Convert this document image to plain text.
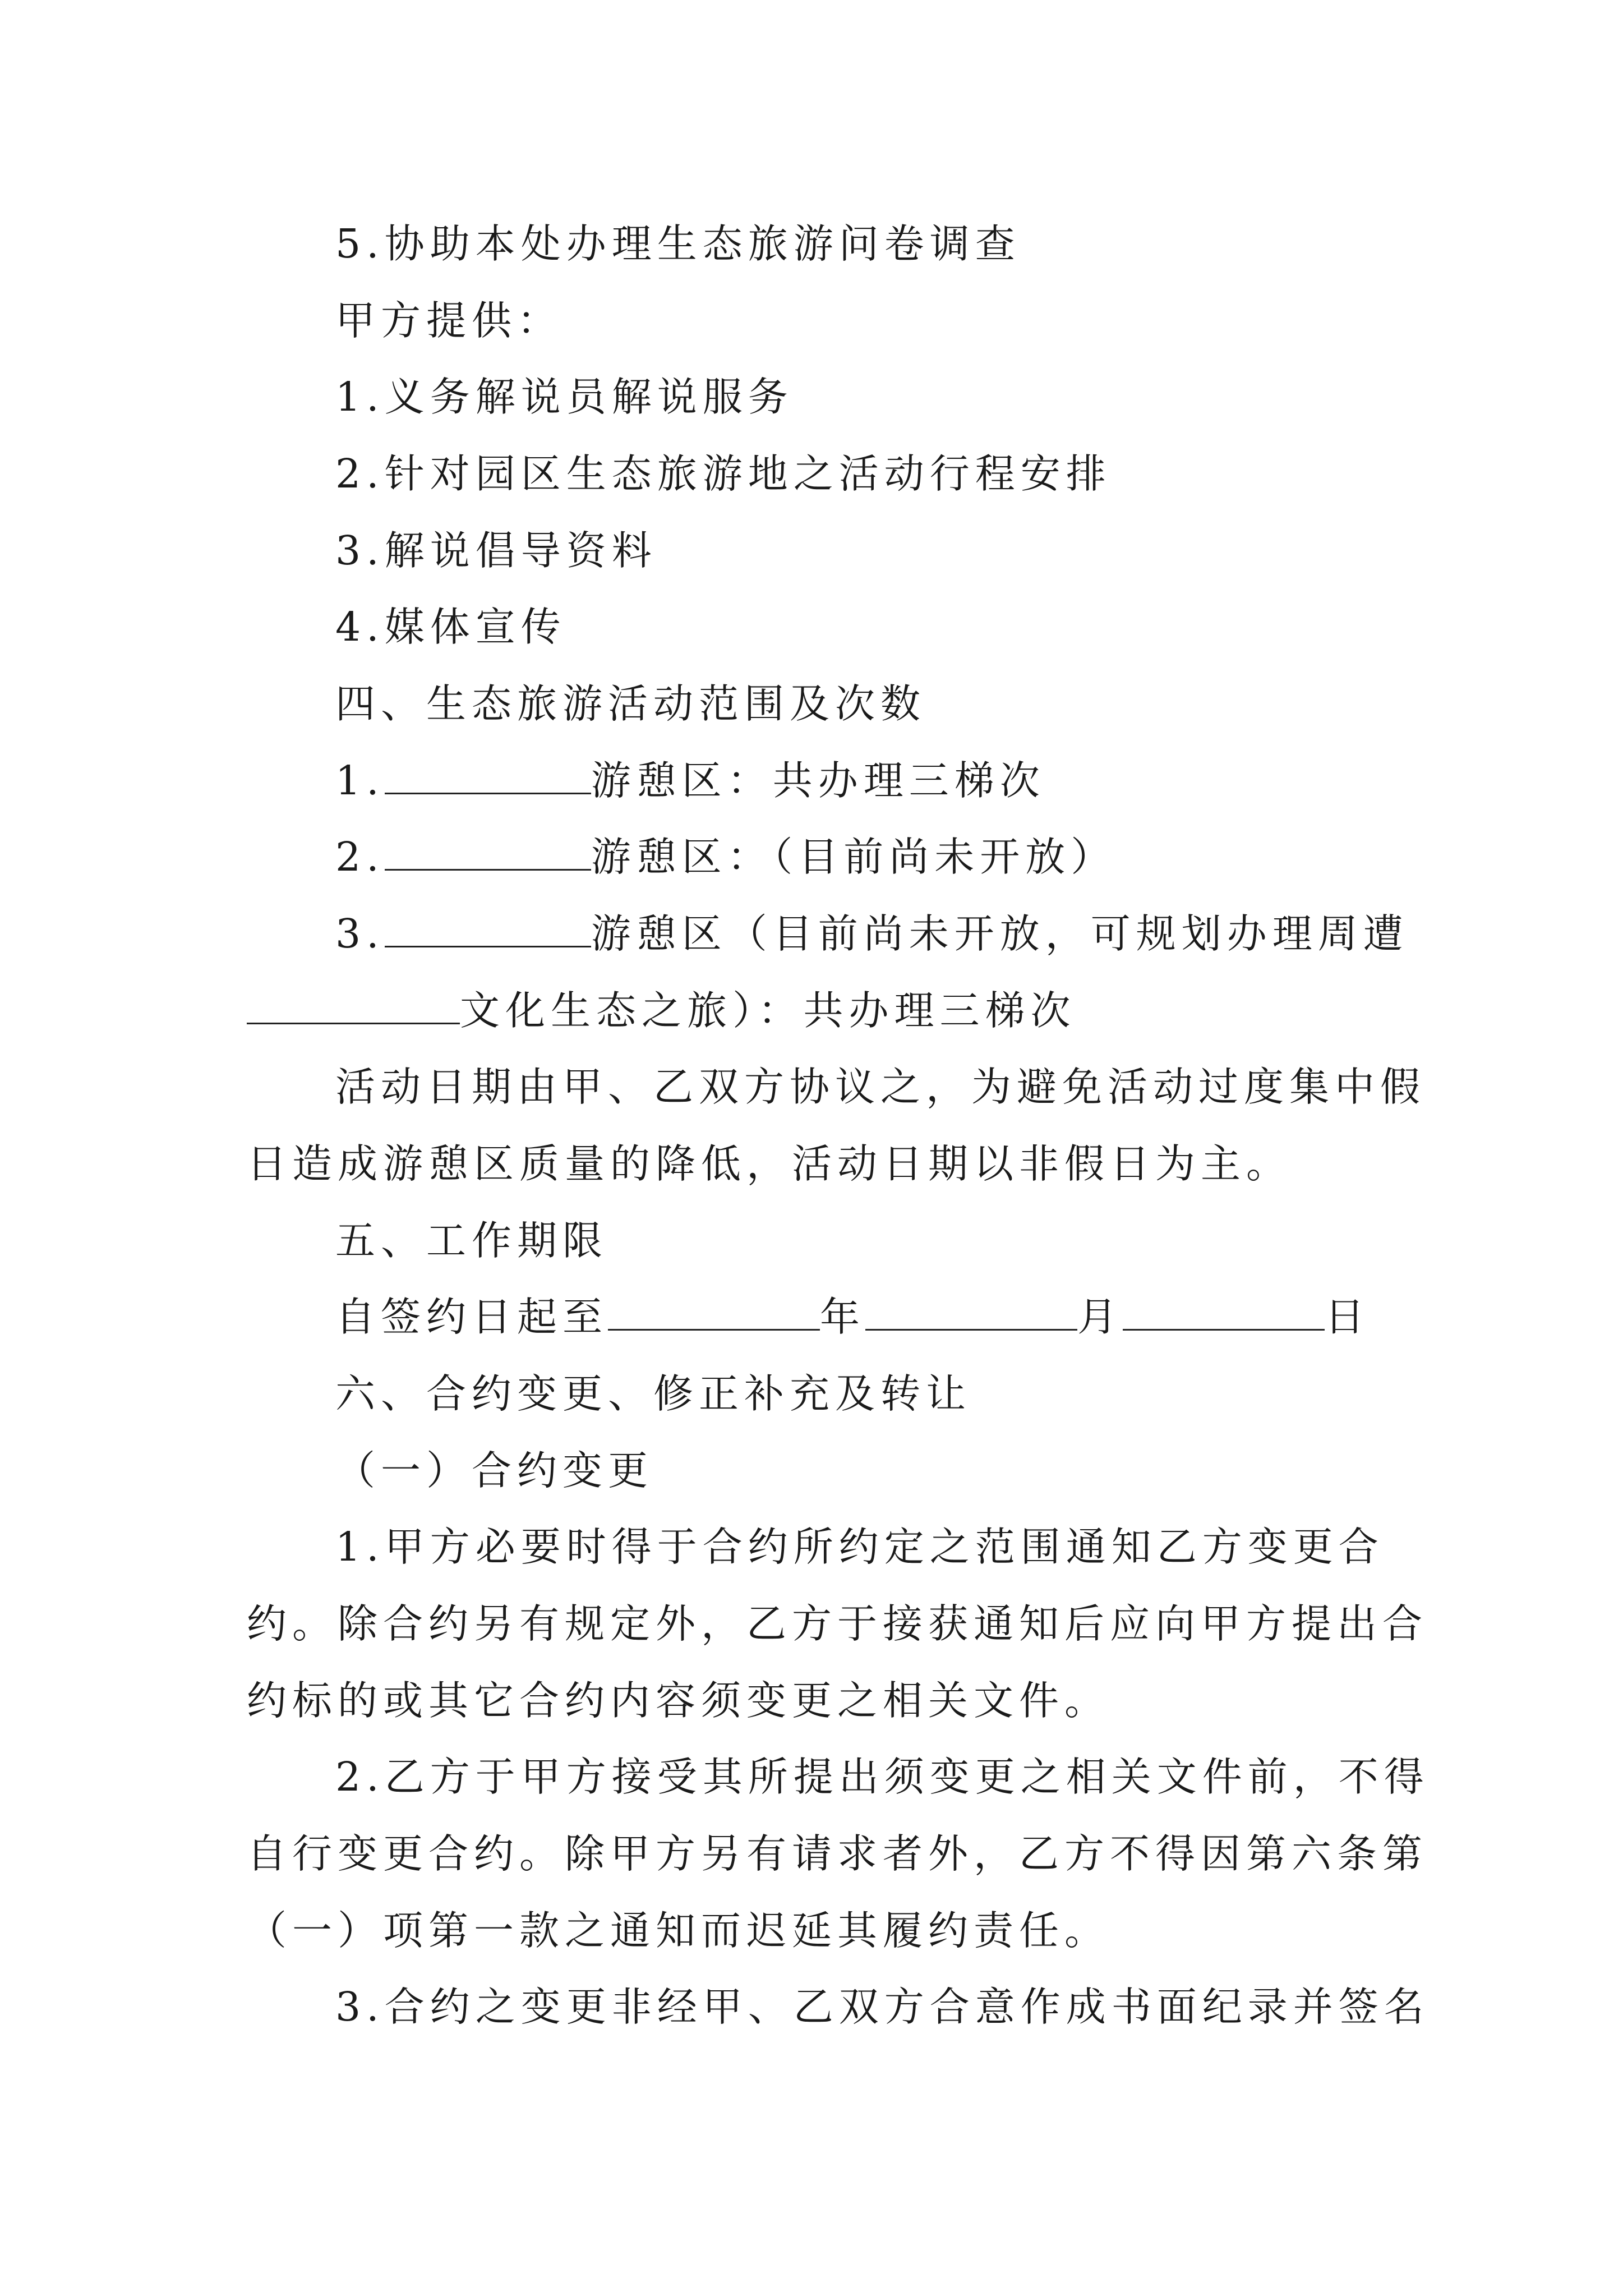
5.协助本处办理生态旅游问卷调查
甲方提供：
1.义务解说员解说服务
2.针对园区生态旅游地之活动行程安排
3.解说倡导资料
4.媒体宣传
四、生态旅游活动范围及次数
1.	游憩区：共办理三梯次
2.	游憩区：（目前尚未开放）
3.	游憩区（目前尚未开放，可规划办理周遭
文化生态之旅）：共办理三梯次
活动日期由甲、乙双方协议之，为避免活动过度集中假
日造成游憩区质量的降低，活动日期以非假日为主。
五、工作期限
自签约日起至	年	月	日
六、合约变更、修正补充及转让
（一）合约变更
1.甲方必要时得于合约所约定之范围通知乙方变更合
约。除合约另有规定外，乙方于接获通知后应向甲方提出合
约标的或其它合约内容须变更之相关文件。
2.乙方于甲方接受其所提出须变更之相关文件前，不得
自行变更合约。除甲方另有请求者外，乙方不得因第六条第
（一）项第一款之通知而迟延其履约责任。
3.合约之变更非经甲、乙双方合意作成书面纪录并签名
